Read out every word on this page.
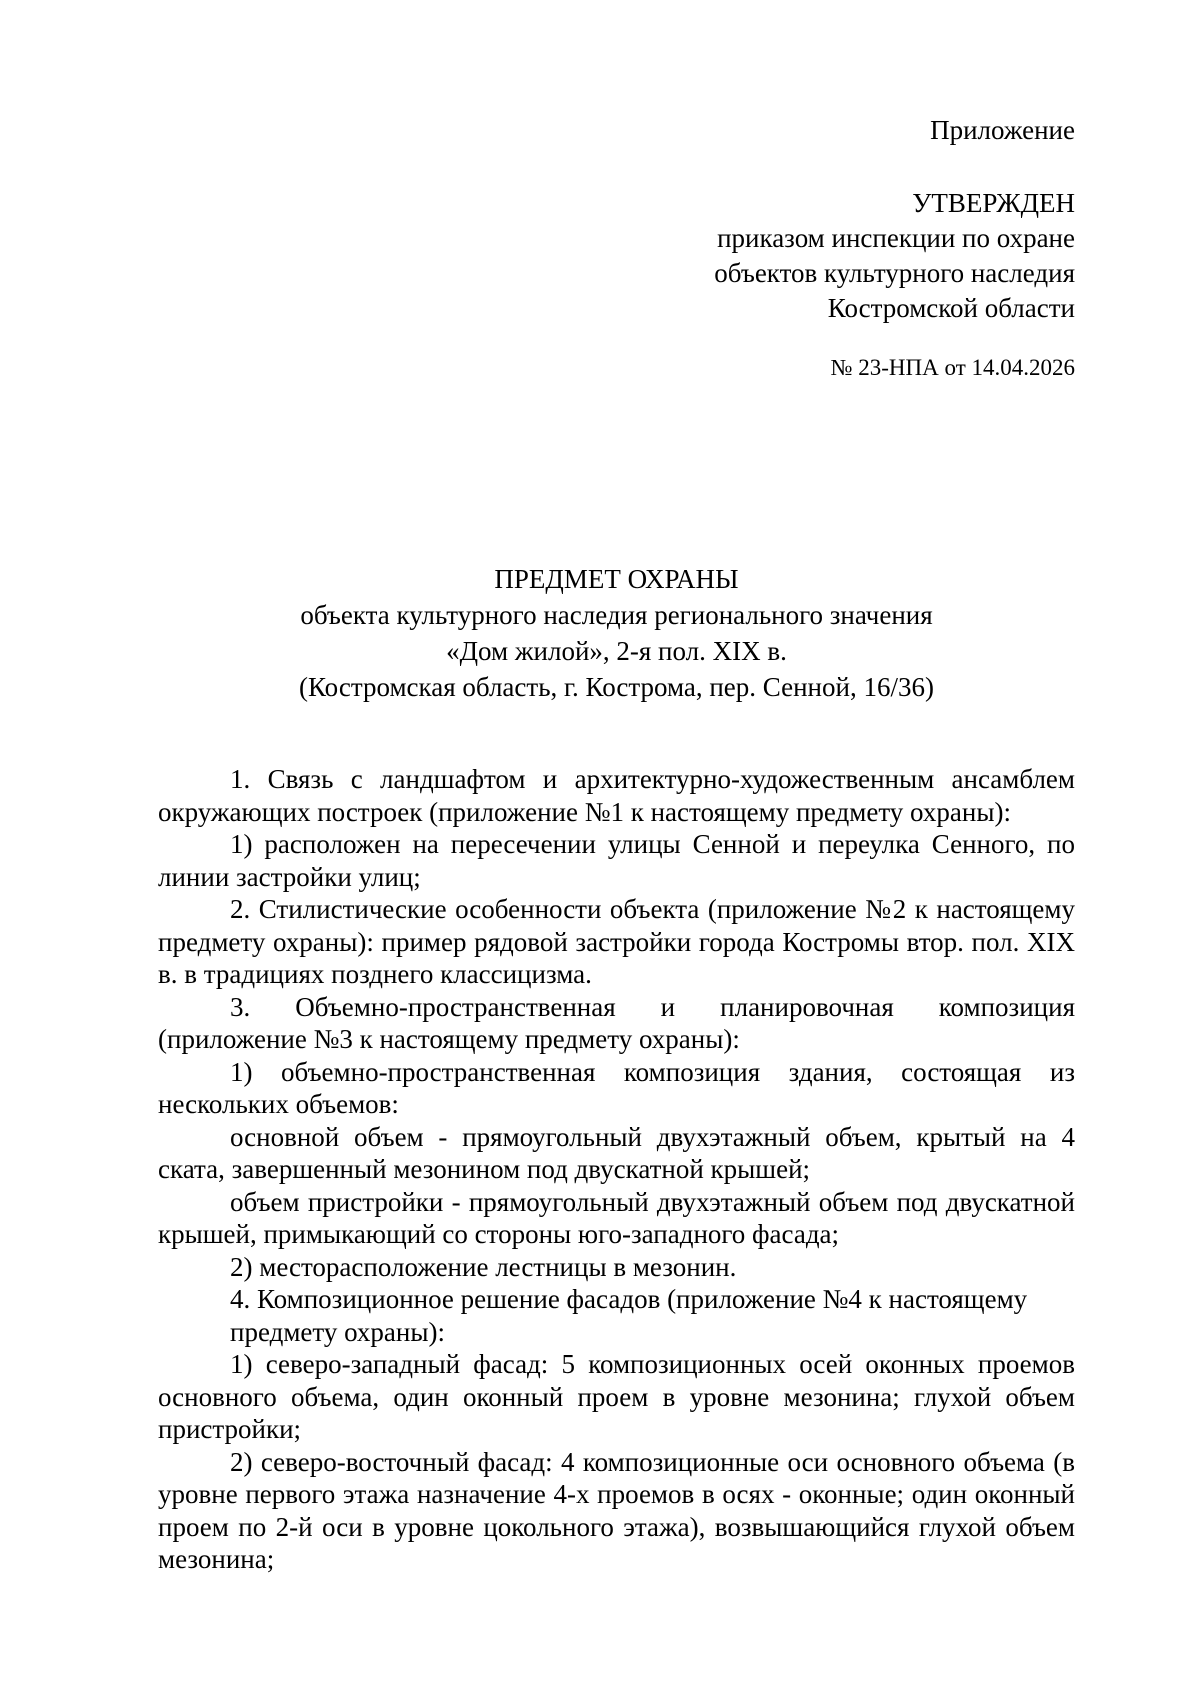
Приложение
УТВЕРЖДЕН
приказом инспекции по охране
объектов культурного наследия
Костромской области
№ 23-НПА от 14.04.2026
ПРЕДМЕТ ОХРАНЫ
объекта культурного наследия регионального значения
«Дом жилой», 2-я пол. XIX в.
(Костромская область, г. Кострома, пер. Сенной, 16/36)

1. Связь с ландшафтом и архитектурно-художественным ансамблем окружающих построек (приложение №1 к настоящему предмету охраны):

1) расположен на пересечении улицы Сенной и переулка Сенного, по линии застройки улиц;

2. Стилистические особенности объекта (приложение №2 к настоящему предмету охраны): пример рядовой застройки города Костромы втор. пол. XIX в. в традициях позднего классицизма.

3. Объемно-пространственная и планировочная композиция (приложение №3 к настоящему предмету охраны):

1) объемно-пространственная композиция здания, состоящая из нескольких объемов:

основной объем - прямоугольный двухэтажный объем, крытый на 4 ската, завершенный мезонином под двускатной крышей;

объем пристройки - прямоугольный двухэтажный объем под двускатной крышей, примыкающий со стороны юго-западного фасада;

2) месторасположение лестницы в мезонин.

4. Композиционное решение фасадов (приложение №4 к настоящему предмету охраны):

1) северо-западный фасад: 5 композиционных осей оконных проемов основного объема, один оконный проем в уровне мезонина; глухой объем пристройки;

2) северо-восточный фасад: 4 композиционные оси основного объема (в уровне первого этажа назначение 4-х проемов в осях - оконные; один оконный проем по 2-й оси в уровне цокольного этажа), возвышающийся глухой объем мезонина;
